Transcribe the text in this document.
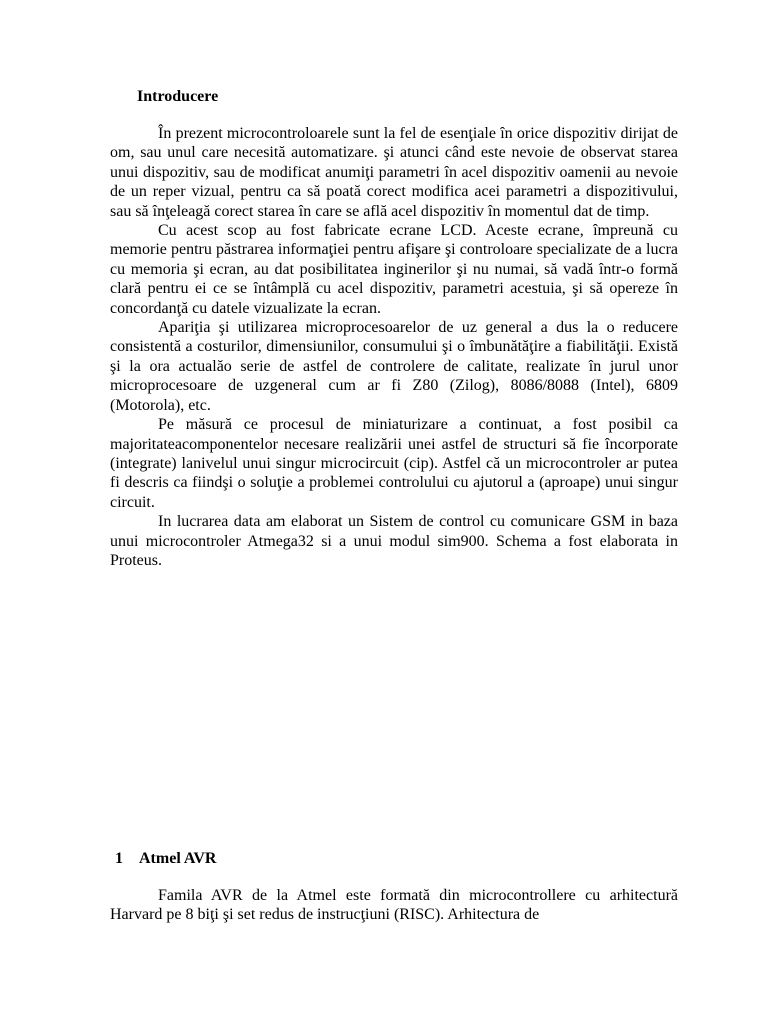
Introducere

În prezent microcontroloarele sunt la fel de esenţiale în orice dispozitiv dirijat de om, sau unul care necesită automatizare. şi atunci când este nevoie de observat starea unui dispozitiv, sau de modificat anumiţi parametri în acel dispozitiv oamenii au nevoie de un reper vizual, pentru ca să poată corect modifica acei parametri a dispozitivului, sau să înţeleagă corect starea în care se află acel dispozitiv în momentul dat de timp.

Cu acest scop au fost fabricate ecrane LCD. Aceste ecrane, împreună cu memorie pentru păstrarea informaţiei pentru afişare şi controloare specializate de a lucra cu memoria şi ecran, au dat posibilitatea inginerilor şi nu numai, să vadă într-o formă clară pentru ei ce se întâmplă cu acel dispozitiv, parametri acestuia, şi să opereze în concordanţă cu datele vizualizate la ecran.

Apariţia şi utilizarea microprocesoarelor de uz general a dus la o reducere consistentă a costurilor, dimensiunilor, consumului şi o îmbunătăţire a fiabilităţii. Există şi la ora actualăo serie de astfel de controlere de calitate, realizate în jurul unor microprocesoare de uzgeneral cum ar fi Z80 (Zilog), 8086/8088 (Intel), 6809 (Motorola), etc.

Pe măsură ce procesul de miniaturizare a continuat, a fost posibil ca majoritateacomponentelor necesare realizării unei astfel de structuri să fie încorporate (integrate) lanivelul unui singur microcircuit (cip). Astfel că un microcontroler ar putea fi descris ca fiindşi o soluţie a problemei controlului cu ajutorul a (aproape) unui singur circuit.

In lucrarea data am elaborat un Sistem de control cu comunicare GSM in baza unui microcontroler Atmega32 si a unui modul sim900. Schema a fost elaborata in Proteus.

1 Atmel AVR

Famila AVR de la Atmel este formată din microcontrollere cu arhitectură Harvard pe 8 biţi şi set redus de instrucţiuni (RISC). Arhitectura de
